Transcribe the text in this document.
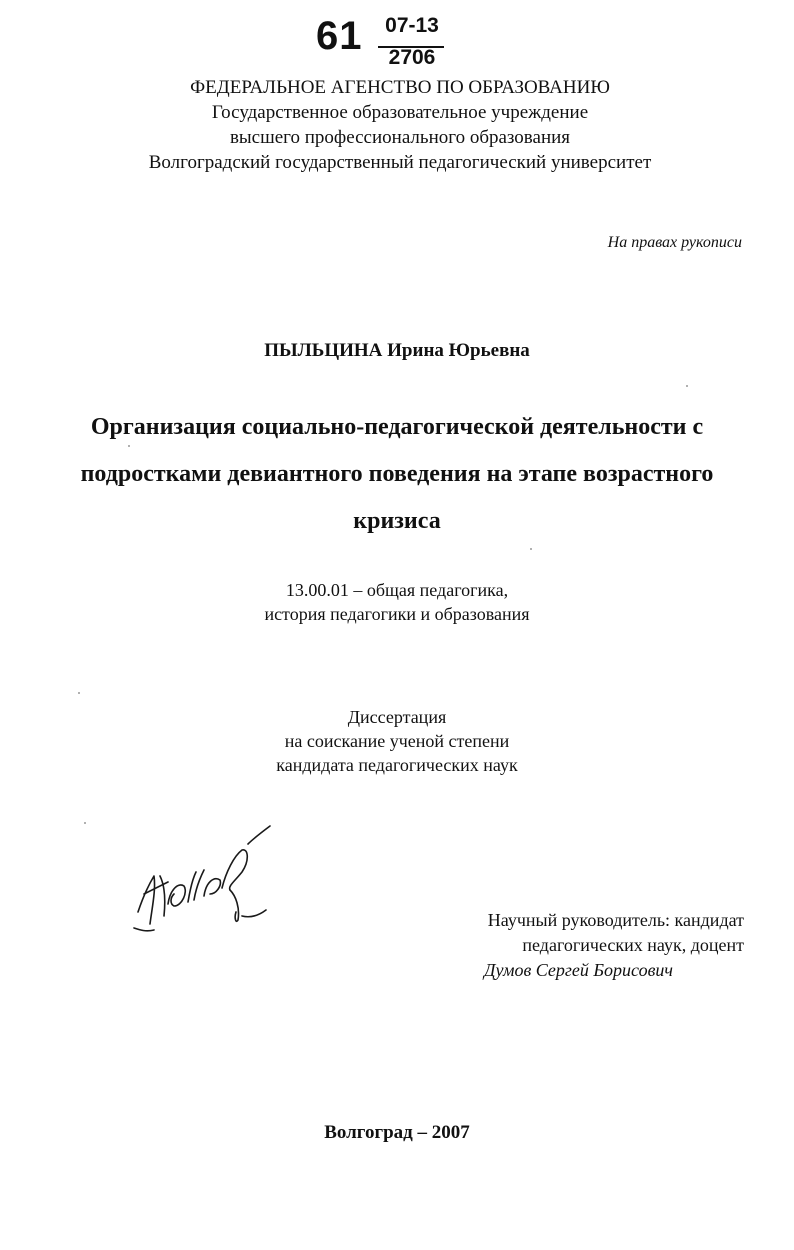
61	07-13
2706
ФЕДЕРАЛЬНОЕ АГЕНСТВО ПО ОБРАЗОВАНИЮ
Государственное образовательное учреждение
высшего профессионального образования
Волгоградский государственный педагогический университет
На правах рукописи
ПЫЛЬЦИНА Ирина Юрьевна
Организация социально-педагогической деятельности с
подростками девиантного поведения на этапе возрастного
кризиса
13.00.01 – общая педагогика,
история педагогики и образования
Диссертация
на соискание ученой степени
кандидата педагогических наук
Научный руководитель: кандидат
педагогических наук, доцент
Думов Сергей Борисович
Волгоград – 2007
